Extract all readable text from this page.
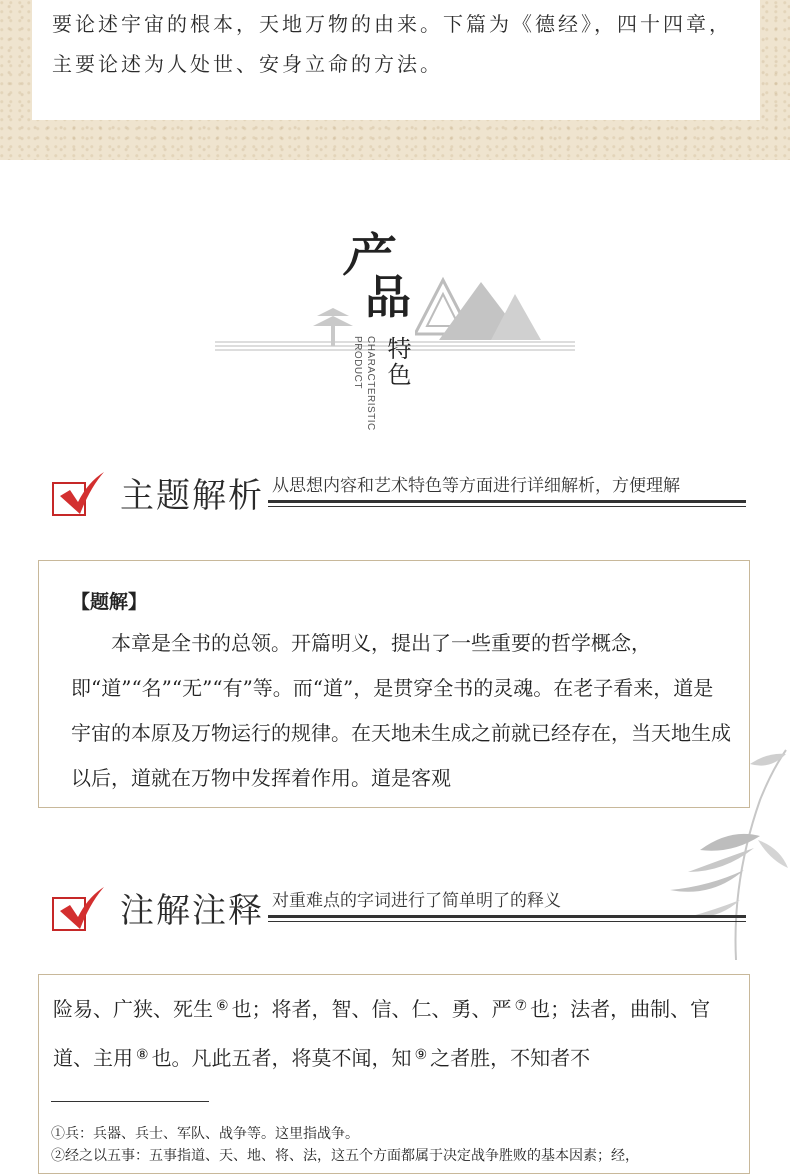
要论述宇宙的根本，天地万物的由来。下篇为《德经》，四十四章，主要论述为人处世、安身立命的方法。
产
品
PRODUCT CHARACTERISTIC 特色
主题解析 从思想内容和艺术特色等方面进行详细解析，方便理解
【题解】
本章是全书的总领。开篇明义，提出了一些重要的哲学概念，即“道”“名”“无”“有”等。而“道”，是贯穿全书的灵魂。在老子看来，道是宇宙的本原及万物运行的规律。在天地未生成之前就已经存在，当天地生成以后，道就在万物中发挥着作用。道是客观
注解注释 对重难点的字词进行了简单明了的释义
险易、广狭、死生 ⑥ 也；将者，智、信、仁、勇、严 ⑦ 也；法者，曲制、官道、主用 ⑧ 也。凡此五者，将莫不闻，知 ⑨ 之者胜，不知者不
①兵：兵器、兵士、军队、战争等。这里指战争。
②经之以五事：五事指道、天、地、将、法，这五个方面都属于决定战争胜败的基本因素；经，
